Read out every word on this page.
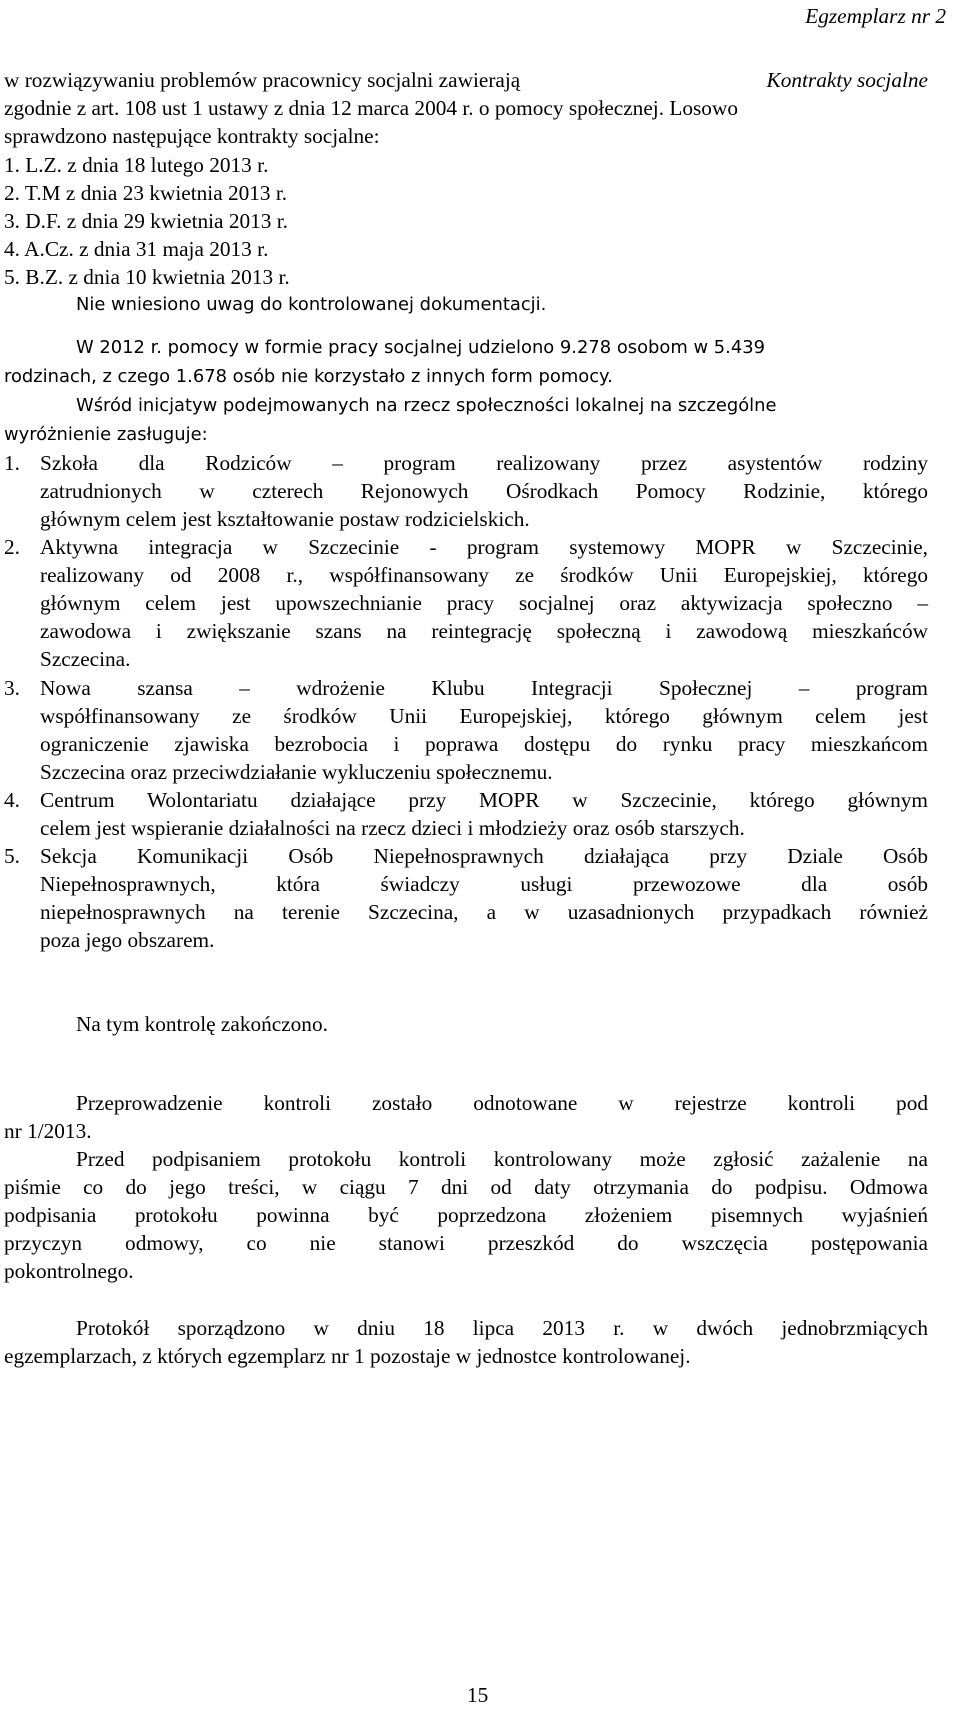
Egzemplarz nr 2
w rozwiązywaniu problemów pracownicy socjalni zawierają	Kontrakty socjalne
zgodnie z art. 108 ust 1 ustawy z dnia 12 marca 2004 r. o pomocy społecznej. Losowo
sprawdzono następujące kontrakty socjalne:
1. L.Z. z dnia 18 lutego 2013 r.
2. T.M z dnia 23 kwietnia 2013 r.
3. D.F. z dnia 29 kwietnia 2013 r.
4. A.Cz. z dnia 31 maja 2013 r.
5. B.Z. z dnia 10 kwietnia 2013 r.
Nie wniesiono uwag do kontrolowanej dokumentacji.
W 2012 r. pomocy w formie pracy socjalnej udzielono 9.278 osobom w 5.439
rodzinach, z czego 1.678 osób nie korzystało z innych form pomocy.
Wśród inicjatyw podejmowanych na rzecz społeczności lokalnej na szczególne
wyróżnienie zasługuje:
1. Szkoła dla Rodziców – program realizowany przez asystentów rodziny
zatrudnionych w czterech Rejonowych Ośrodkach Pomocy Rodzinie, którego
głównym celem jest kształtowanie postaw rodzicielskich.
2. Aktywna integracja w Szczecinie - program systemowy MOPR w Szczecinie,
realizowany od 2008 r., współfinansowany ze środków Unii Europejskiej, którego
głównym celem jest upowszechnianie pracy socjalnej oraz aktywizacja społeczno –
zawodowa i zwiększanie szans na reintegrację społeczną i zawodową mieszkańców
Szczecina.
3. Nowa szansa – wdrożenie Klubu Integracji Społecznej – program
współfinansowany ze środków Unii Europejskiej, którego głównym celem jest
ograniczenie zjawiska bezrobocia i poprawa dostępu do rynku pracy mieszkańcom
Szczecina oraz przeciwdziałanie wykluczeniu społecznemu.
4. Centrum Wolontariatu działające przy MOPR w Szczecinie, którego głównym
celem jest wspieranie działalności na rzecz dzieci i młodzieży oraz osób starszych.
5. Sekcja Komunikacji Osób Niepełnosprawnych działająca przy Dziale Osób
Niepełnosprawnych, która świadczy usługi przewozowe dla osób
niepełnosprawnych na terenie Szczecina, a w uzasadnionych przypadkach również
poza jego obszarem.
Na tym kontrolę zakończono.
Przeprowadzenie kontroli zostało odnotowane w rejestrze kontroli pod
nr 1/2013.
Przed podpisaniem protokołu kontroli kontrolowany może zgłosić zażalenie na
piśmie co do jego treści, w ciągu 7 dni od daty otrzymania do podpisu. Odmowa
podpisania protokołu powinna być poprzedzona złożeniem pisemnych wyjaśnień
przyczyn odmowy, co nie stanowi przeszkód do wszczęcia postępowania
pokontrolnego.
Protokół sporządzono w dniu 18 lipca 2013 r. w dwóch jednobrzmiących
egzemplarzach, z których egzemplarz nr 1 pozostaje w jednostce kontrolowanej.
15
